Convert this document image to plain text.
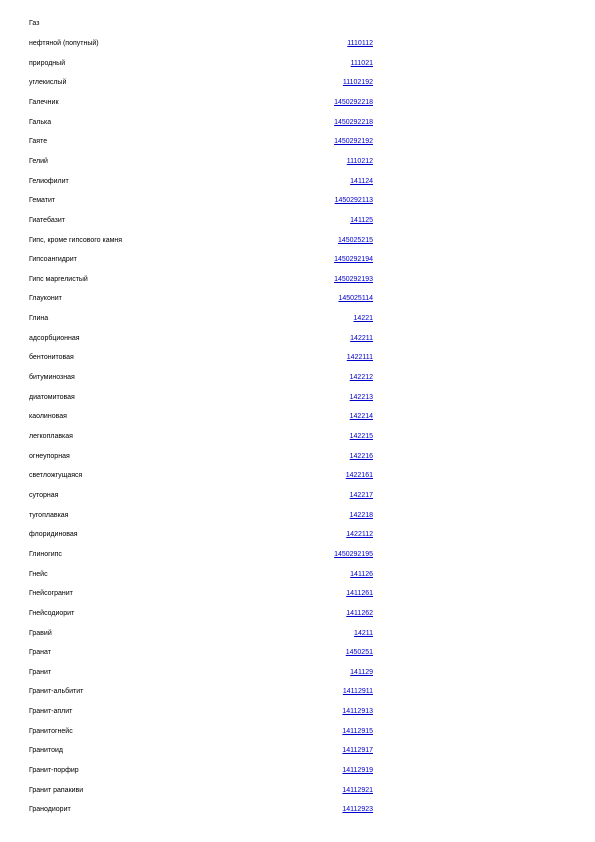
Газ
нефтяной (попутный)	1110112
природный	111021
углекислый	11102192
Галечник	1450292218
Галька	1450292218
Гаяте	1450292192
Гелий	1110212
Гелиофилит	141124
Гематит	1450292113
Гиатебазит	141125
Гипс, кроме гипсового камня	145025215
Гипсоангидрит	1450292194
Гипс маргелистый	1450292193
Глауконит	145025114
Глина	14221
адсорбционная	142211
бентонитовая	1422111
битуминозная	142212
диатомитовая	142213
каолиновая	142214
легкоплавкая	142215
огнеупорная	142216
светложгущаяся	1422161
суторная	142217
тугоплавкая	142218
флоридиновая	1422112
Глиногипс	1450292195
Гнейс	141126
Гнейсогранит	1411261
Гнейсодиорит	1411262
Гравий	14211
Гранат	1450251
Гранит	141129
Гранит-альбитит	14112911
Гранит-аплит	14112913
Гранитогнейс	14112915
Гранитоид	14112917
Гранит-порфир	14112919
Гранит рапакиви	14112921
Гранодиорит	14112923
